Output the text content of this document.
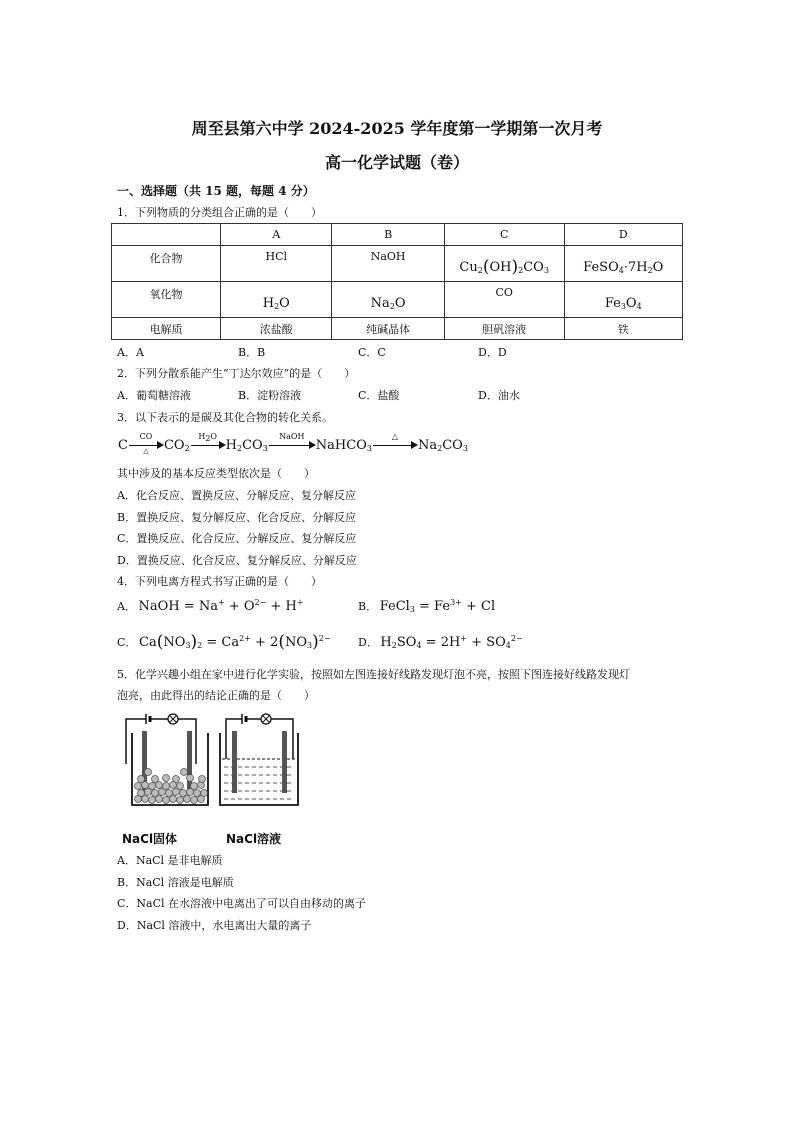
周至县第六中学 2024-2025 学年度第一学期第一次月考
高一化学试题（卷）
一、选择题（共 15 题，每题 4 分）
1．下列物质的分类组合正确的是（　　）
	A	B	C	D
化合物	HCl	NaOH	$Cu_2(OH)_2CO_3$	$FeSO_4\cdot 7H_2O$
氧化物	$H_2O$	$Na_2O$	CO	$Fe_3O_4$
电解质	浓盐酸	纯碱晶体	胆矾溶液	铁
A．A	B．B	C．C	D．D
2．下列分散系能产生“丁达尔效应”的是（　　）
A．葡萄糖溶液	B．淀粉溶液	C．盐酸	D．油水
3．以下表示的是碳及其化合物的转化关系。
C
CO
△	$CO_2$
$H_2O$
$H_2CO_3$
NaOH
NaHCO$_3$
△
$Na_2CO_3$
其中涉及的基本反应类型依次是（　　）
A．化合反应、置换反应、分解反应、复分解反应
B．置换反应、复分解反应、化合反应、分解反应
C．置换反应、化合反应、分解反应、复分解反应
D．置换反应、化合反应、复分解反应、分解反应
4．下列电离方程式书写正确的是（　　）
A． NaOH = $Na^+ + O^{2-} + H^+$	B． FeCl$_3$ = $Fe^{3+} + Cl$
C． $Ca(NO_3)_2 = Ca^{2+} + 2(NO_3)^{2-}$ D． $H_2SO_4 = 2H^+ + SO_4^{2-}$
5．化学兴趣小组在家中进行化学实验，按照如左图连接好线路发现灯泡不亮，按照下图连接好线路发现灯
泡亮，由此得出的结论正确的是（　　）
NaCl固体	NaCl溶液
A．NaCl 是非电解质
B．NaCl 溶液是电解质
C．NaCl 在水溶液中电离出了可以自由移动的离子
D．NaCl 溶液中，水电离出大量的离子
